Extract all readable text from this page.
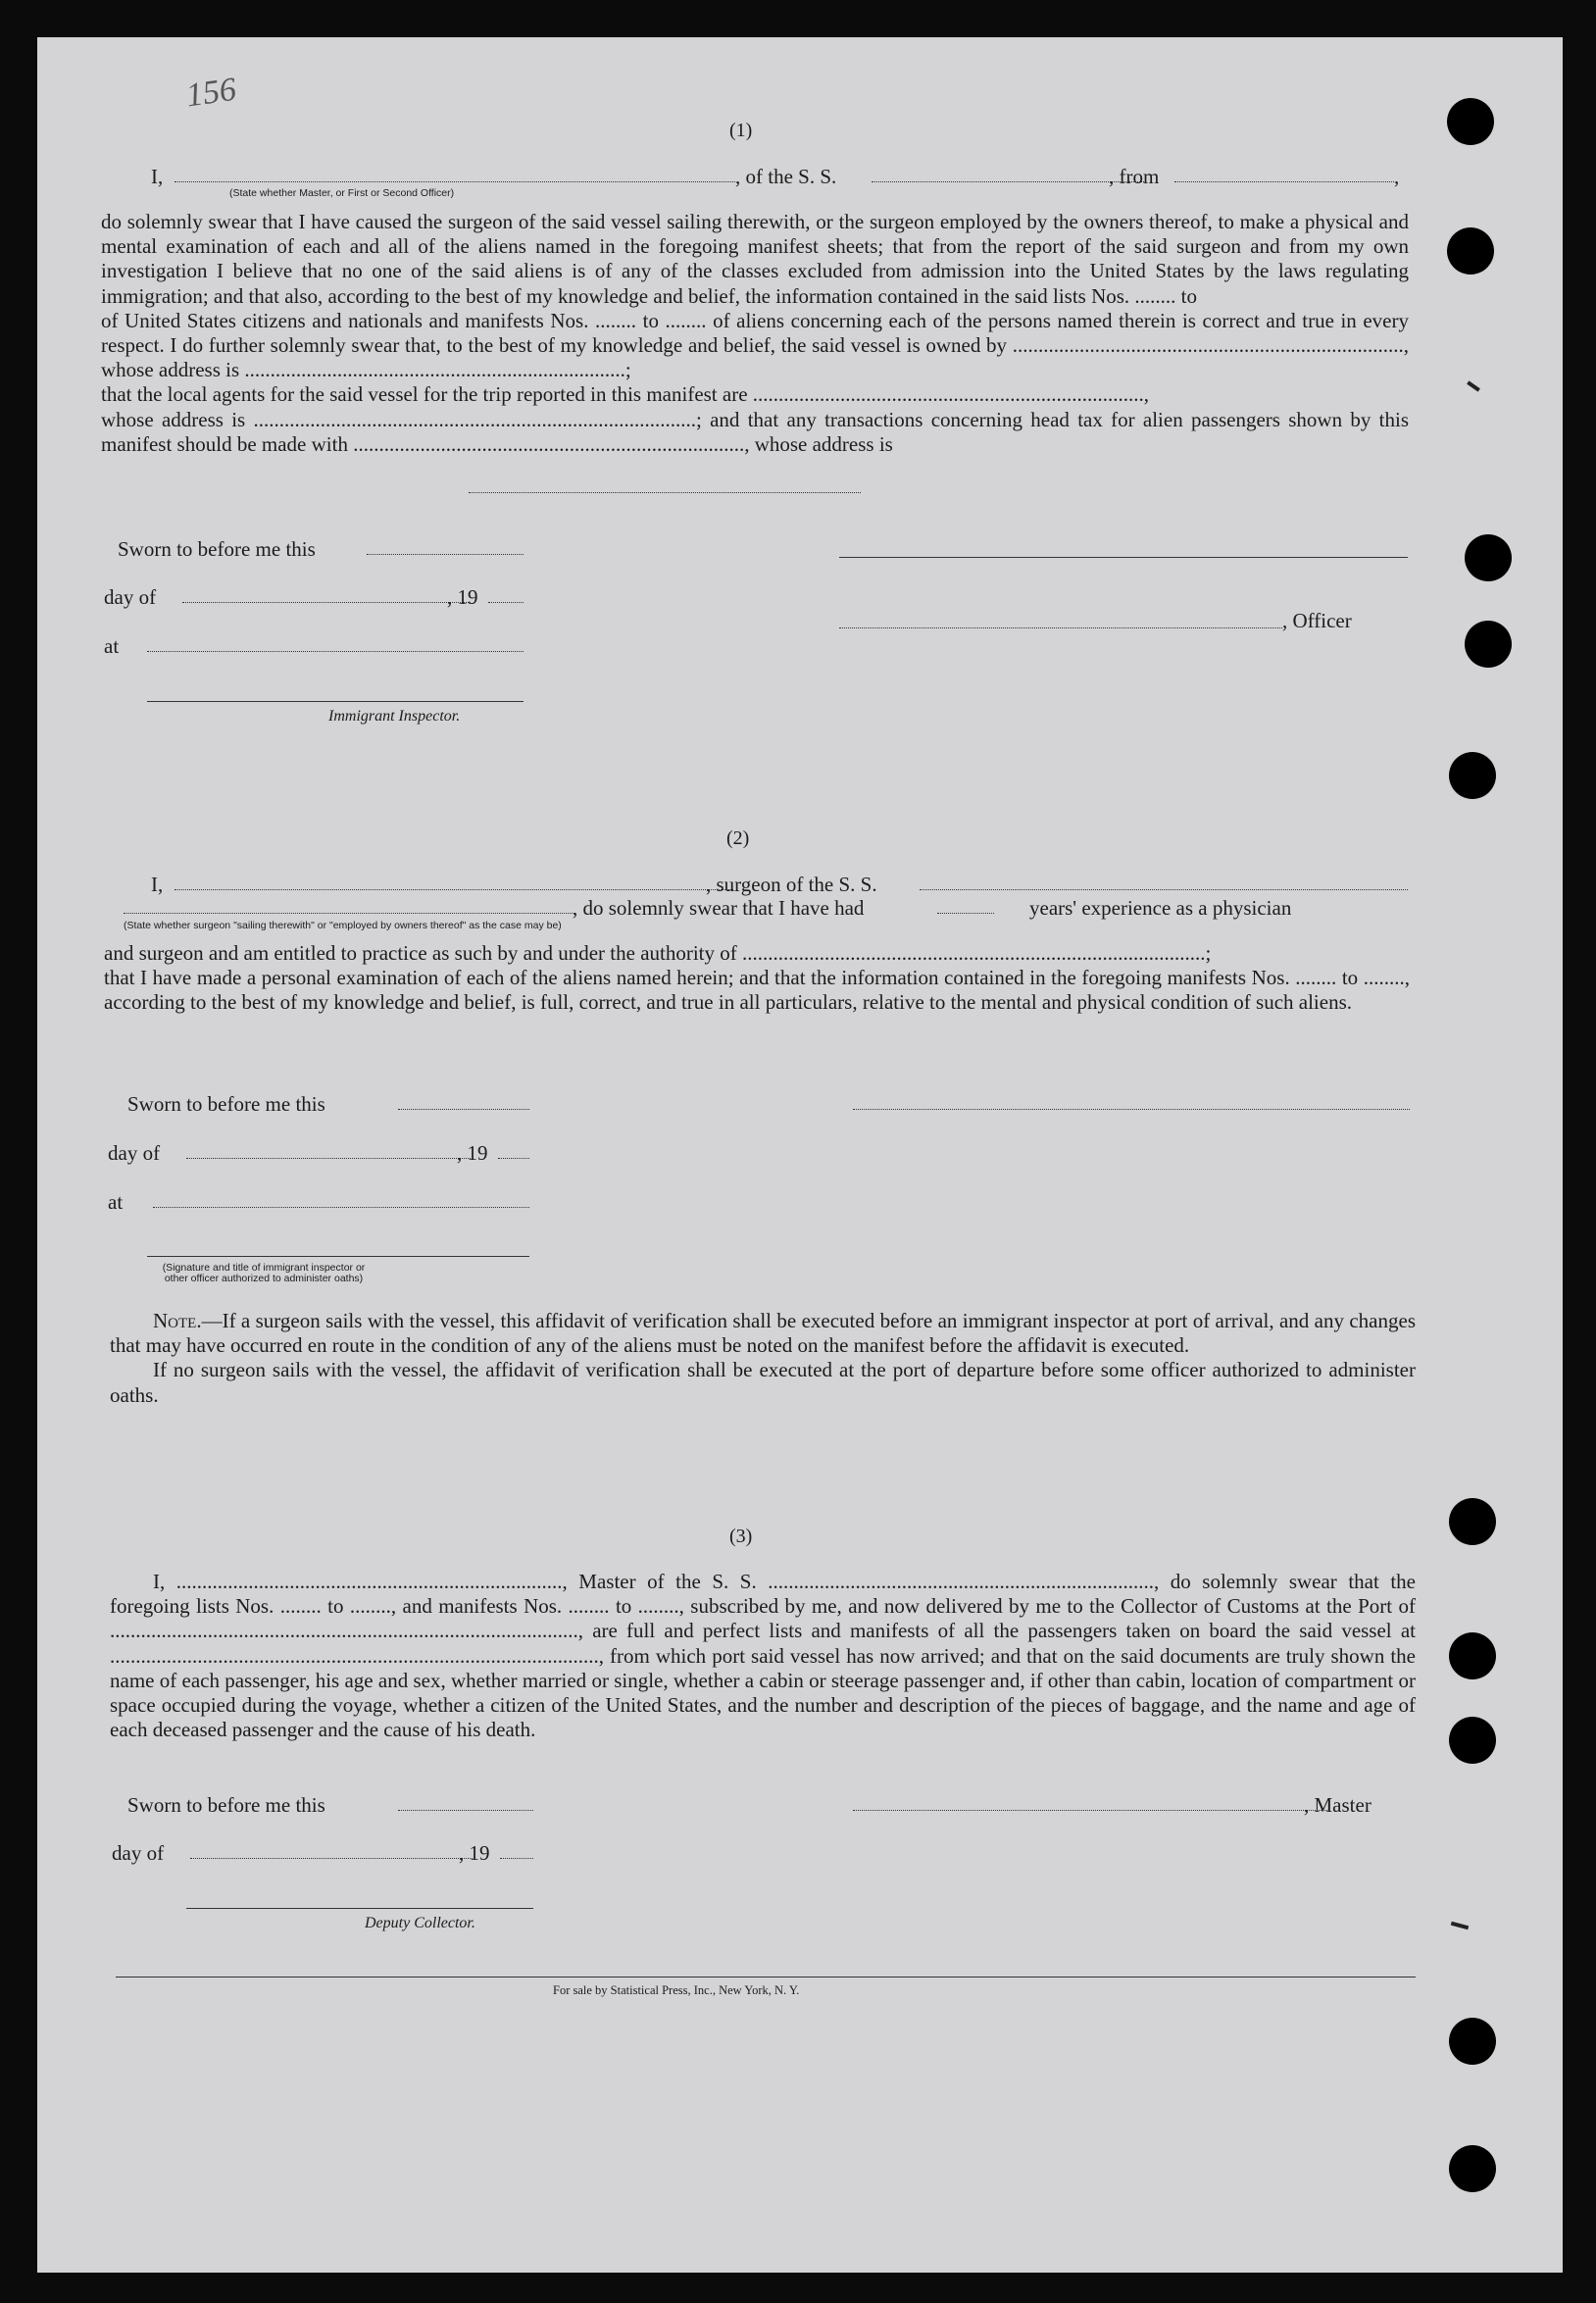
156
(1)
I,
(State whether Master, or First or Second Officer)
, of the S. S.	, from	,

do solemnly swear that I have caused the surgeon of the said vessel sailing therewith, or the surgeon employed by the owners thereof, to make a physical and mental examination of each and all of the aliens named in the foregoing manifest sheets; that from the report of the said surgeon and from my own investigation I believe that no one of the said aliens is of any of the classes excluded from admission into the United States by the laws regulating immigration; and that also, according to the best of my knowledge and belief, the information contained in the said lists Nos. ........ to

of United States citizens and nationals and manifests Nos. ........ to ........ of aliens concerning each of the persons named therein is correct and true in every respect. I do further solemnly swear that, to the best of my knowledge and belief, the said vessel is owned by ............................................................................, whose address is ..........................................................................;

that the local agents for the said vessel for the trip reported in this manifest are ............................................................................,

whose address is ......................................................................................; and that any transactions concerning head tax for alien passengers shown by this manifest should be made with ............................................................................, whose address is

Sworn to before me this
day of	, 19
, Officer
at
Immigrant Inspector.
(2)
I,	, surgeon of the S. S.
, do solemnly swear that I have had	years' experience as a physician
(State whether surgeon "sailing therewith" or "employed by owners thereof" as the case may be)

and surgeon and am entitled to practice as such by and under the authority of ..........................................................................................;

that I have made a personal examination of each of the aliens named herein; and that the information contained in the foregoing manifests Nos. ........ to ........, according to the best of my knowledge and belief, is full, correct, and true in all particulars, relative to the mental and physical condition of such aliens.

Sworn to before me this
day of	, 19
at
(Signature and title of immigrant inspector or other officer authorized to administer oaths)

Note.—If a surgeon sails with the vessel, this affidavit of verification shall be executed before an immigrant inspector at port of arrival, and any changes that may have occurred en route in the condition of any of the aliens must be noted on the manifest before the affidavit is executed.

If no surgeon sails with the vessel, the affidavit of verification shall be executed at the port of departure before some officer authorized to administer oaths.

(3)

I, ..........................................................................., Master of the S. S. ..........................................................................., do solemnly swear that the foregoing lists Nos. ........ to ........, and manifests Nos. ........ to ........, subscribed by me, and now delivered by me to the Collector of Customs at the Port of ..........................................................................................., are full and perfect lists and manifests of all the passengers taken on board the said vessel at ..............................................................................................., from which port said vessel has now arrived; and that on the said documents are truly shown the name of each passenger, his age and sex, whether married or single, whether a cabin or steerage passenger and, if other than cabin, location of compartment or space occupied during the voyage, whether a citizen of the United States, and the number and description of the pieces of baggage, and the name and age of each deceased passenger and the cause of his death.

Sworn to before me this	, Master
day of	, 19
Deputy Collector.
For sale by Statistical Press, Inc., New York, N. Y.
